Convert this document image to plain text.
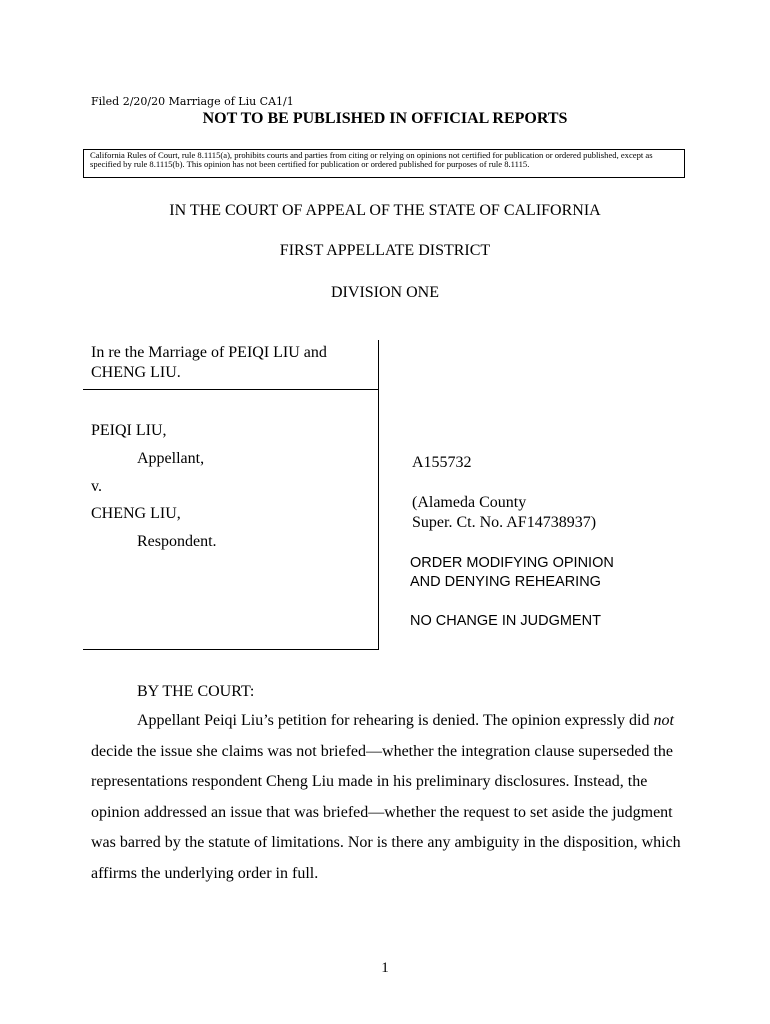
Filed 2/20/20 Marriage of Liu CA1/1
NOT TO BE PUBLISHED IN OFFICIAL REPORTS
California Rules of Court, rule 8.1115(a), prohibits courts and parties from citing or relying on opinions not certified for publication or ordered published, except as specified by rule 8.1115(b). This opinion has not been certified for publication or ordered published for purposes of rule 8.1115.
IN THE COURT OF APPEAL OF THE STATE OF CALIFORNIA
FIRST APPELLATE DISTRICT
DIVISION ONE
In re the Marriage of PEIQI LIU and
CHENG LIU.
PEIQI LIU,
Appellant,
v.
CHENG LIU,
Respondent.
A155732
(Alameda County
Super. Ct. No. AF14738937)
ORDER MODIFYING OPINION
AND DENYING REHEARING
NO CHANGE IN JUDGMENT
BY THE COURT:

Appellant Peiqi Liu’s petition for rehearing is denied. The opinion expressly did not decide the issue she claims was not briefed—whether the integration clause superseded the representations respondent Cheng Liu made in his preliminary disclosures. Instead, the opinion addressed an issue that was briefed—whether the request to set aside the judgment was barred by the statute of limitations. Nor is there any ambiguity in the disposition, which affirms the underlying order in full.

1
